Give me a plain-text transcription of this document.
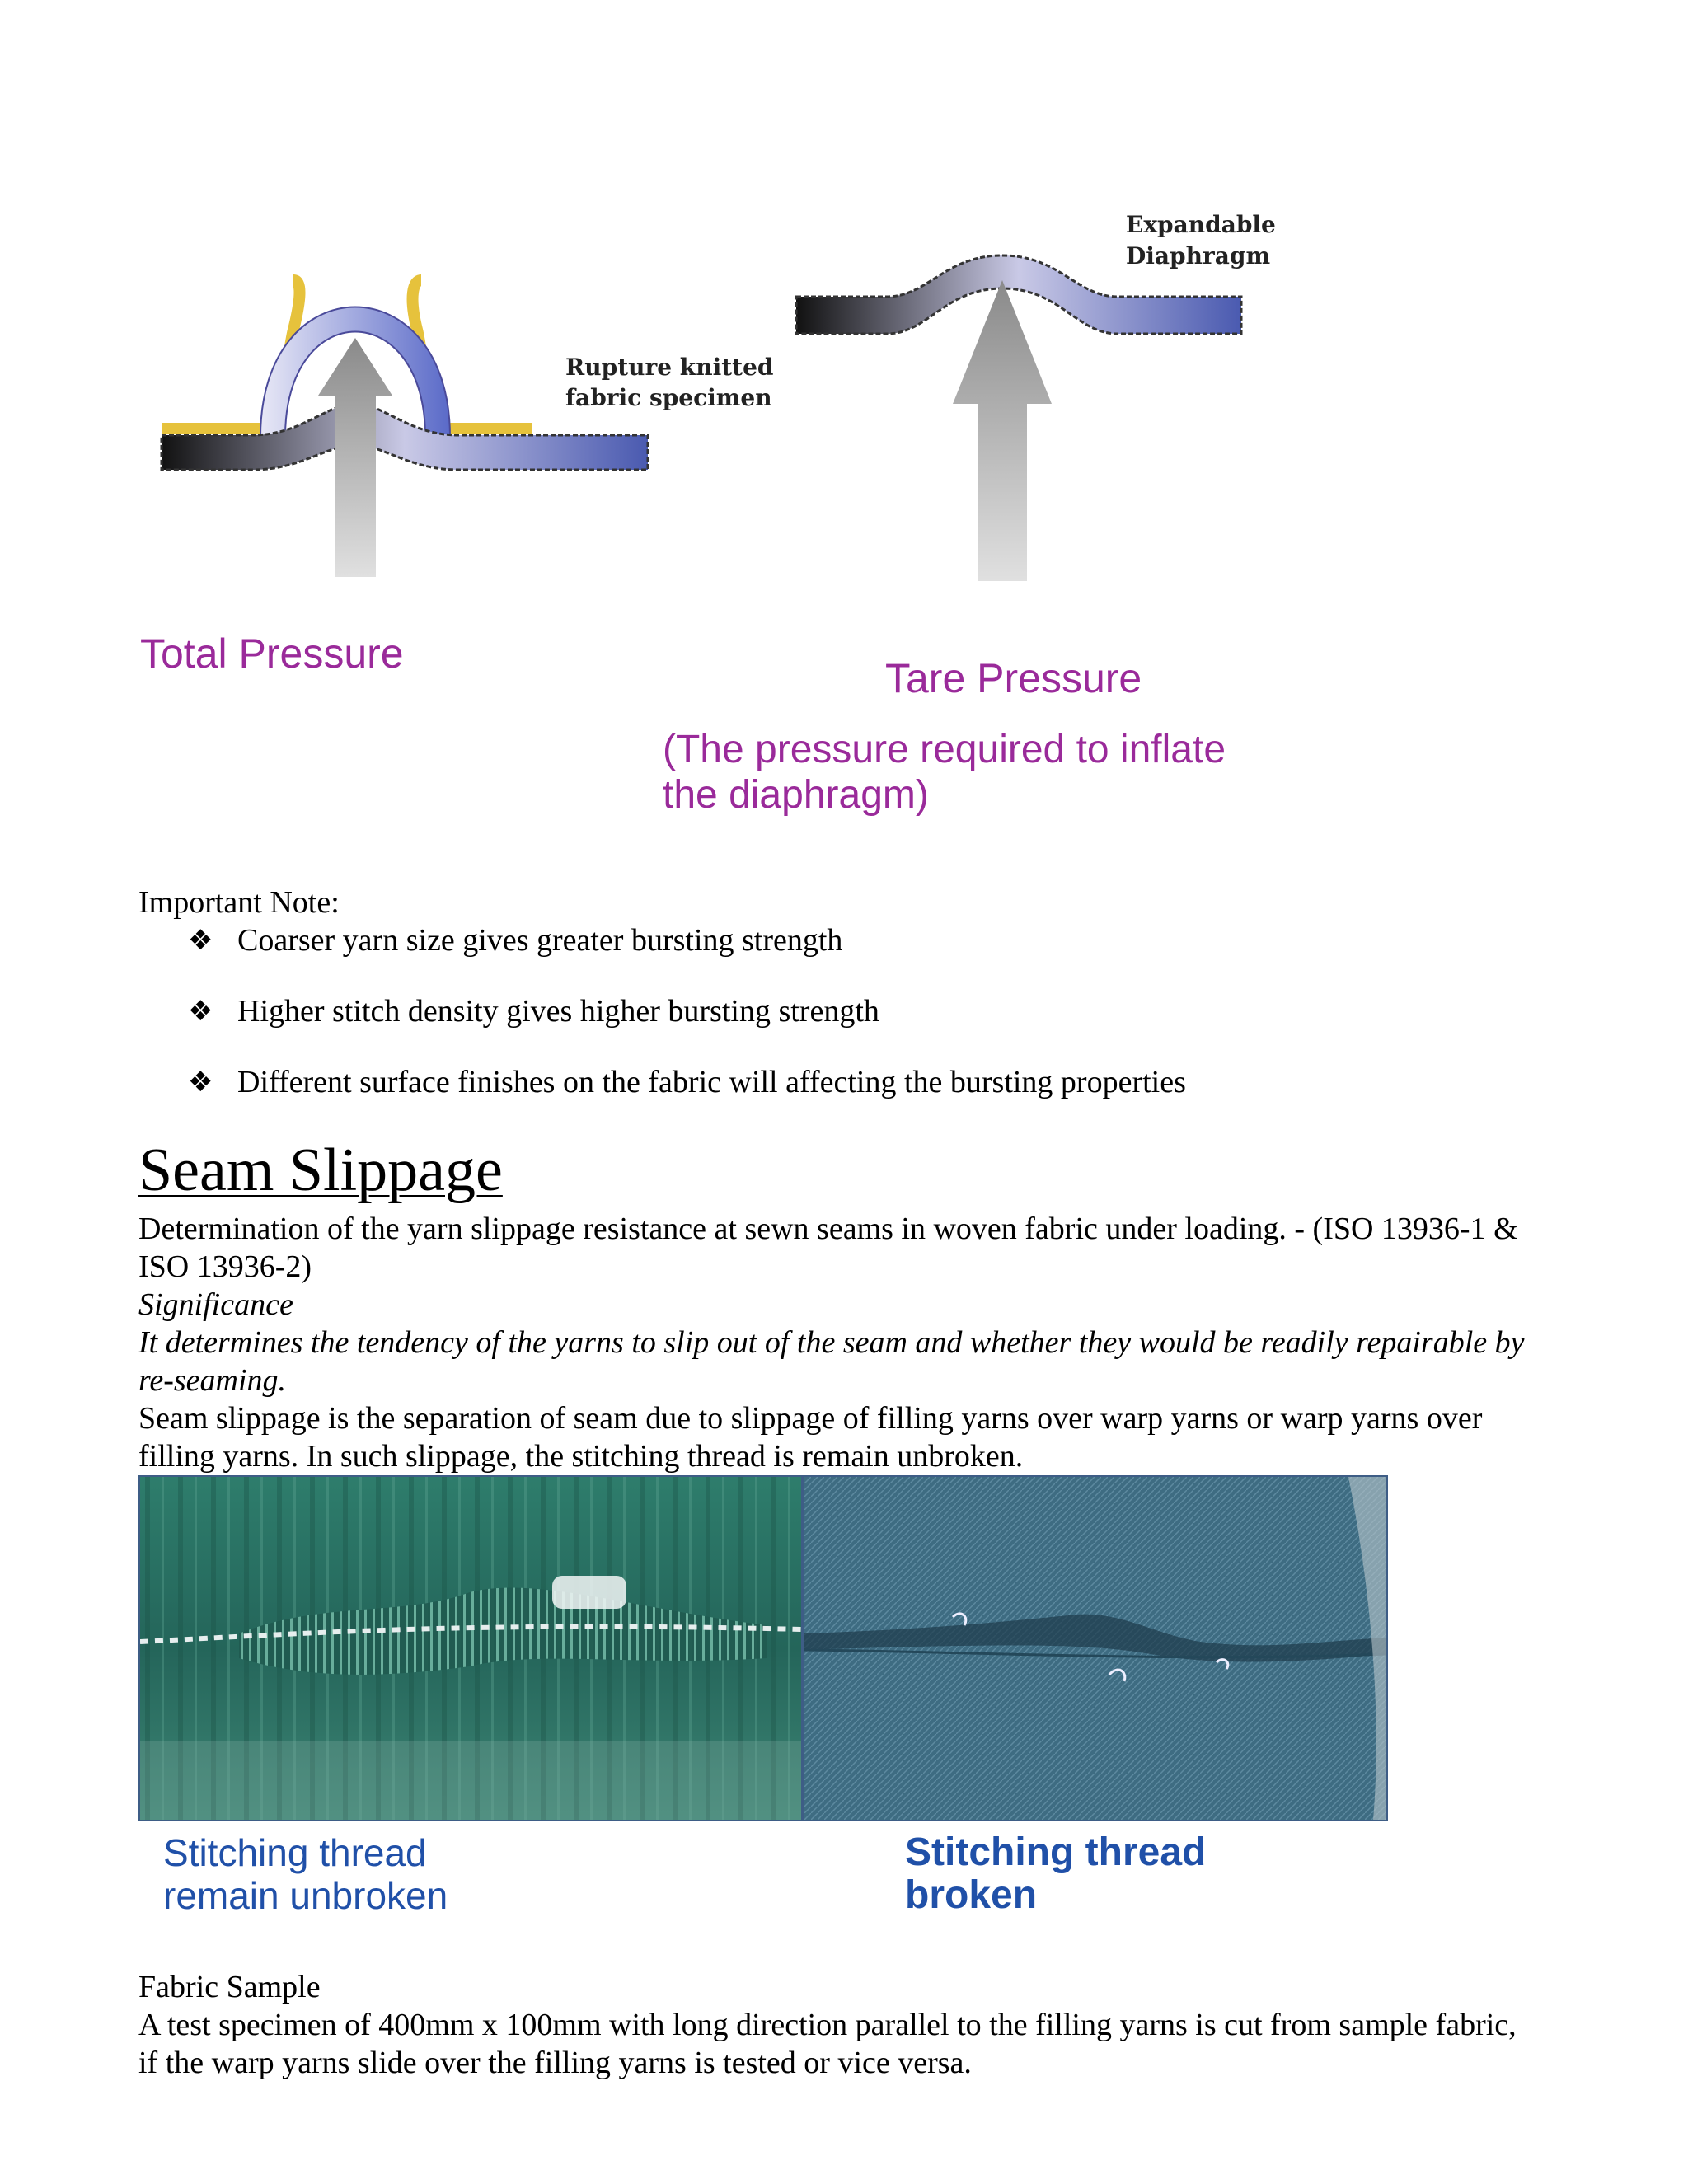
Rupture knitted
fabric specimen
Expandable
Diaphragm
Total Pressure
Tare Pressure
(The pressure required to inflate
the diaphragm)
Important Note:
❖ Coarser yarn size gives greater bursting strength
❖ Higher stitch density gives higher bursting strength
❖ Different surface finishes on the fabric will affecting the bursting properties
Seam Slippage
Determination of the yarn slippage resistance at sewn seams in woven fabric under loading. - (ISO 13936-1 & ISO 13936-2)
Significance
It determines the tendency of the yarns to slip out of the seam and whether they would be readily repairable by re-seaming.
Seam slippage is the separation of seam due to slippage of filling yarns over warp yarns or warp yarns over filling yarns. In such slippage, the stitching thread is remain unbroken.
Stitching thread
remain unbroken
Stitching thread
broken
Fabric Sample
A test specimen of 400mm x 100mm with long direction parallel to the filling yarns is cut from sample fabric, if the warp yarns slide over the filling yarns is tested or vice versa.
